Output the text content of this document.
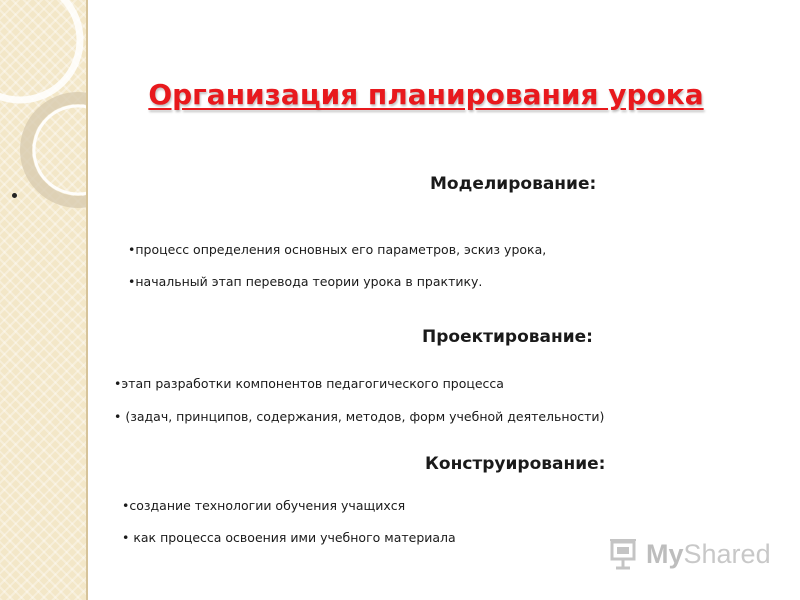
Организация планирования урока
Моделирование:
•процесс определения основных его параметров, эскиз урока,
•начальный этап перевода теории урока в практику.
Проектирование:
•этап разработки компонентов педагогического процесса
• (задач, принципов, содержания, методов, форм учебной деятельности)
Конструирование:
•создание технологии обучения учащихся
• как процесса освоения ими учебного материала
MyShared
